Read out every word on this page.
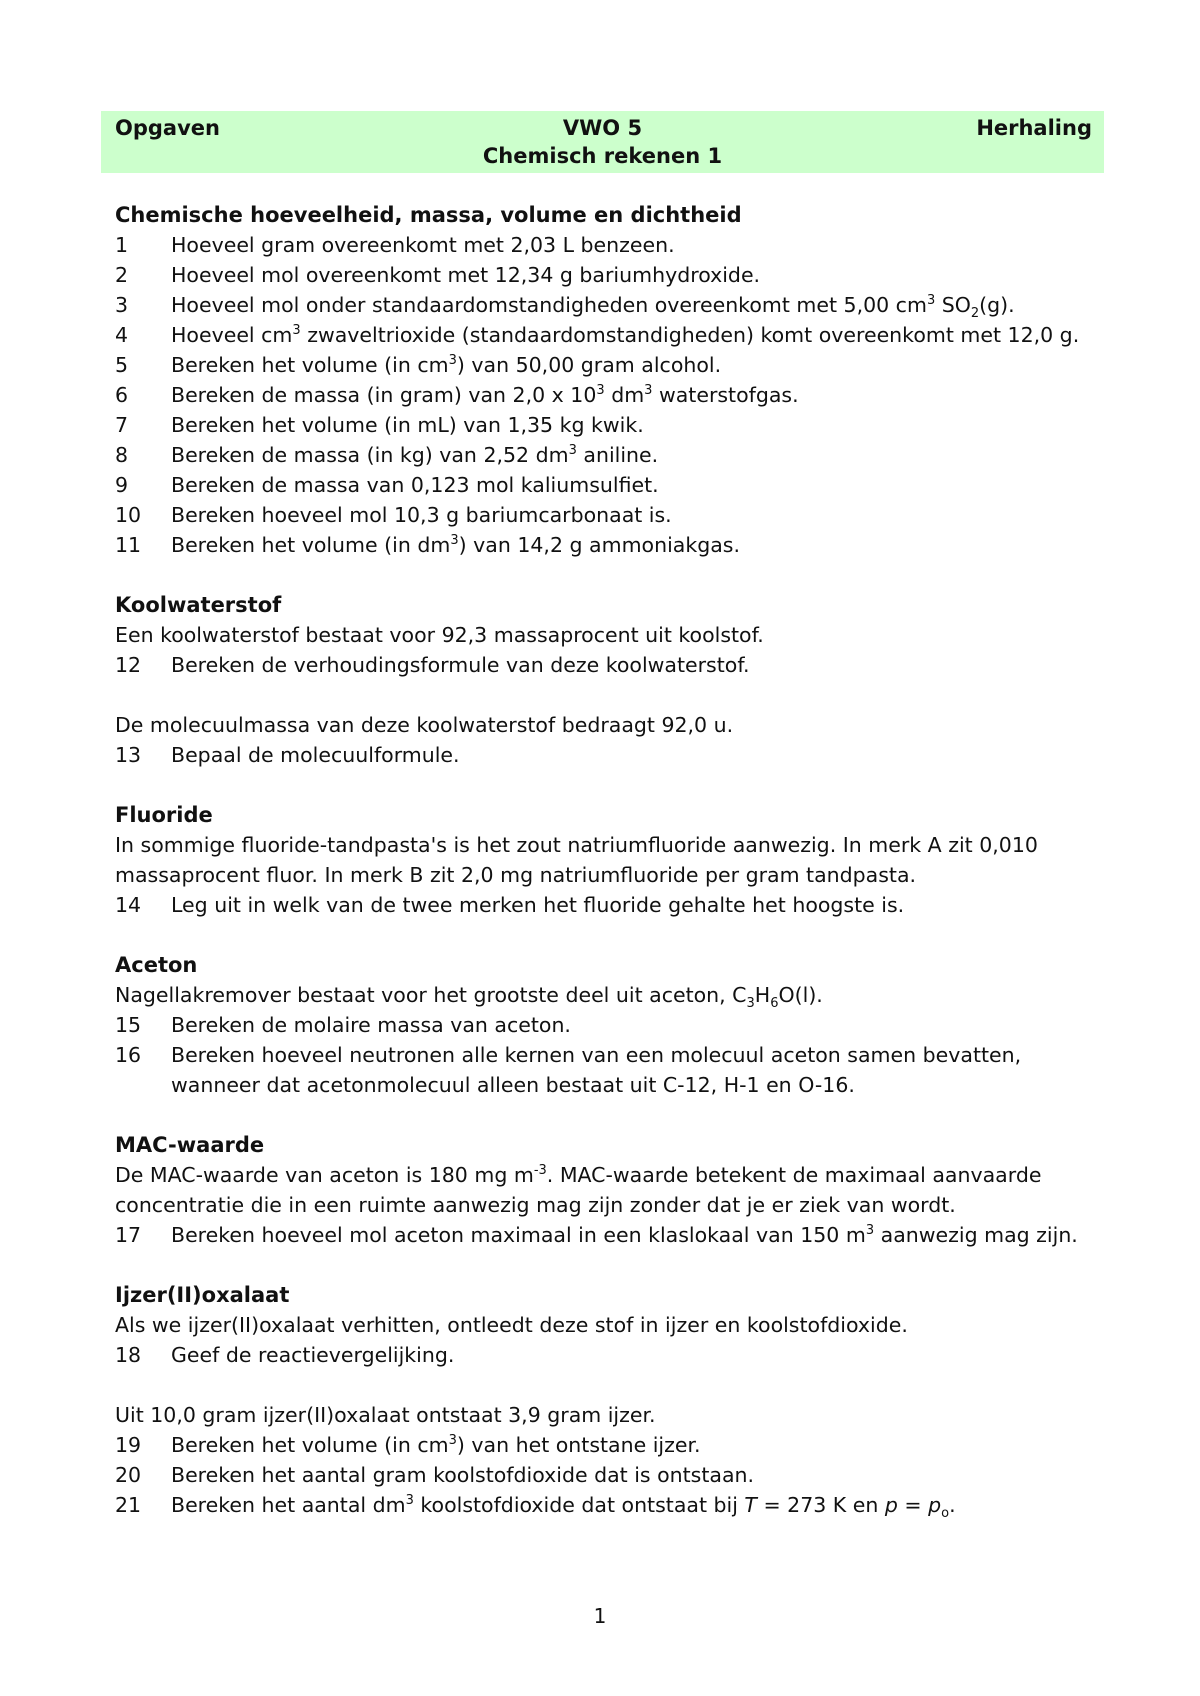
Opgaven	VWO 5	Herhaling
Chemisch rekenen 1
Chemische hoeveelheid, massa, volume en dichtheid
1	Hoeveel gram overeenkomt met 2,03 L benzeen.
2	Hoeveel mol overeenkomt met 12,34 g bariumhydroxide.
3	Hoeveel mol onder standaardomstandigheden overeenkomt met 5,00 $cm^3$ $SO_2(g)$.
4	Hoeveel $cm^3$ zwaveltrioxide (standaardomstandigheden) komt overeenkomt met 12,0 g.
5	Bereken het volume (in $cm^3$) van 50,00 gram alcohol.
6	Bereken de massa (in gram) van 2,0 x $10^3$ $dm^3$ waterstofgas.
7	Bereken het volume (in mL) van 1,35 kg kwik.
8	Bereken de massa (in kg) van 2,52 $dm^3$ aniline.
9	Bereken de massa van 0,123 mol kaliumsulfiet.
10	Bereken hoeveel mol 10,3 g bariumcarbonaat is.
11	Bereken het volume (in $dm^3$) van 14,2 g ammoniakgas.
Koolwaterstof
Een koolwaterstof bestaat voor 92,3 massaprocent uit koolstof.
12	Bereken de verhoudingsformule van deze koolwaterstof.
De molecuulmassa van deze koolwaterstof bedraagt 92,0 u.
13	Bepaal de molecuulformule.
Fluoride
In sommige fluoride-tandpasta's is het zout natriumfluoride aanwezig. In merk A zit 0,010 massaprocent fluor. In merk B zit 2,0 mg natriumfluoride per gram tandpasta.
14	Leg uit in welk van de twee merken het fluoride gehalte het hoogste is.
Aceton
Nagellakremover bestaat voor het grootste deel uit aceton, $C_3H_6O(l)$.
15	Bereken de molaire massa van aceton.
16	Bereken hoeveel neutronen alle kernen van een molecuul aceton samen bevatten, wanneer dat acetonmolecuul alleen bestaat uit C-12, H-1 en O-16.
MAC-waarde
De MAC-waarde van aceton is 180 mg $m^{-3}$. MAC-waarde betekent de maximaal aanvaarde concentratie die in een ruimte aanwezig mag zijn zonder dat je er ziek van wordt.
17	Bereken hoeveel mol aceton maximaal in een klaslokaal van 150 $m^3$ aanwezig mag zijn.
Ijzer(II)oxalaat
Als we ijzer(II)oxalaat verhitten, ontleedt deze stof in ijzer en koolstofdioxide.
18	Geef de reactievergelijking.
Uit 10,0 gram ijzer(II)oxalaat ontstaat 3,9 gram ijzer.
19	Bereken het volume (in $cm^3$) van het ontstane ijzer.
20	Bereken het aantal gram koolstofdioxide dat is ontstaan.
21	Bereken het aantal $dm^3$ koolstofdioxide dat ontstaat bij T = 273 K en $p = p_o$.
1
